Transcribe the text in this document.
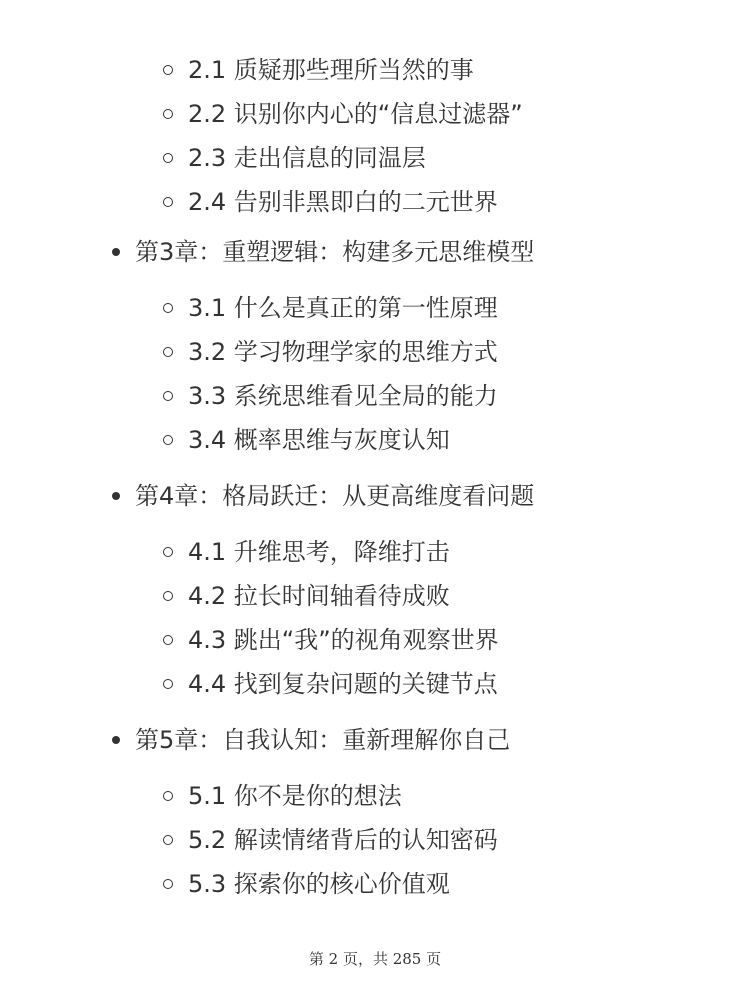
2.1 质疑那些理所当然的事
2.2 识别你内心的“信息过滤器”
2.3 走出信息的同温层
2.4 告别非黑即白的二元世界
第3章：重塑逻辑：构建多元思维模型
3.1 什么是真正的第一性原理
3.2 学习物理学家的思维方式
3.3 系统思维看见全局的能力
3.4 概率思维与灰度认知
第4章：格局跃迁：从更高维度看问题
4.1 升维思考，降维打击
4.2 拉长时间轴看待成败
4.3 跳出“我”的视角观察世界
4.4 找到复杂问题的关键节点
第5章：自我认知：重新理解你自己
5.1 你不是你的想法
5.2 解读情绪背后的认知密码
5.3 探索你的核心价值观
第 2 页，共 285 页
